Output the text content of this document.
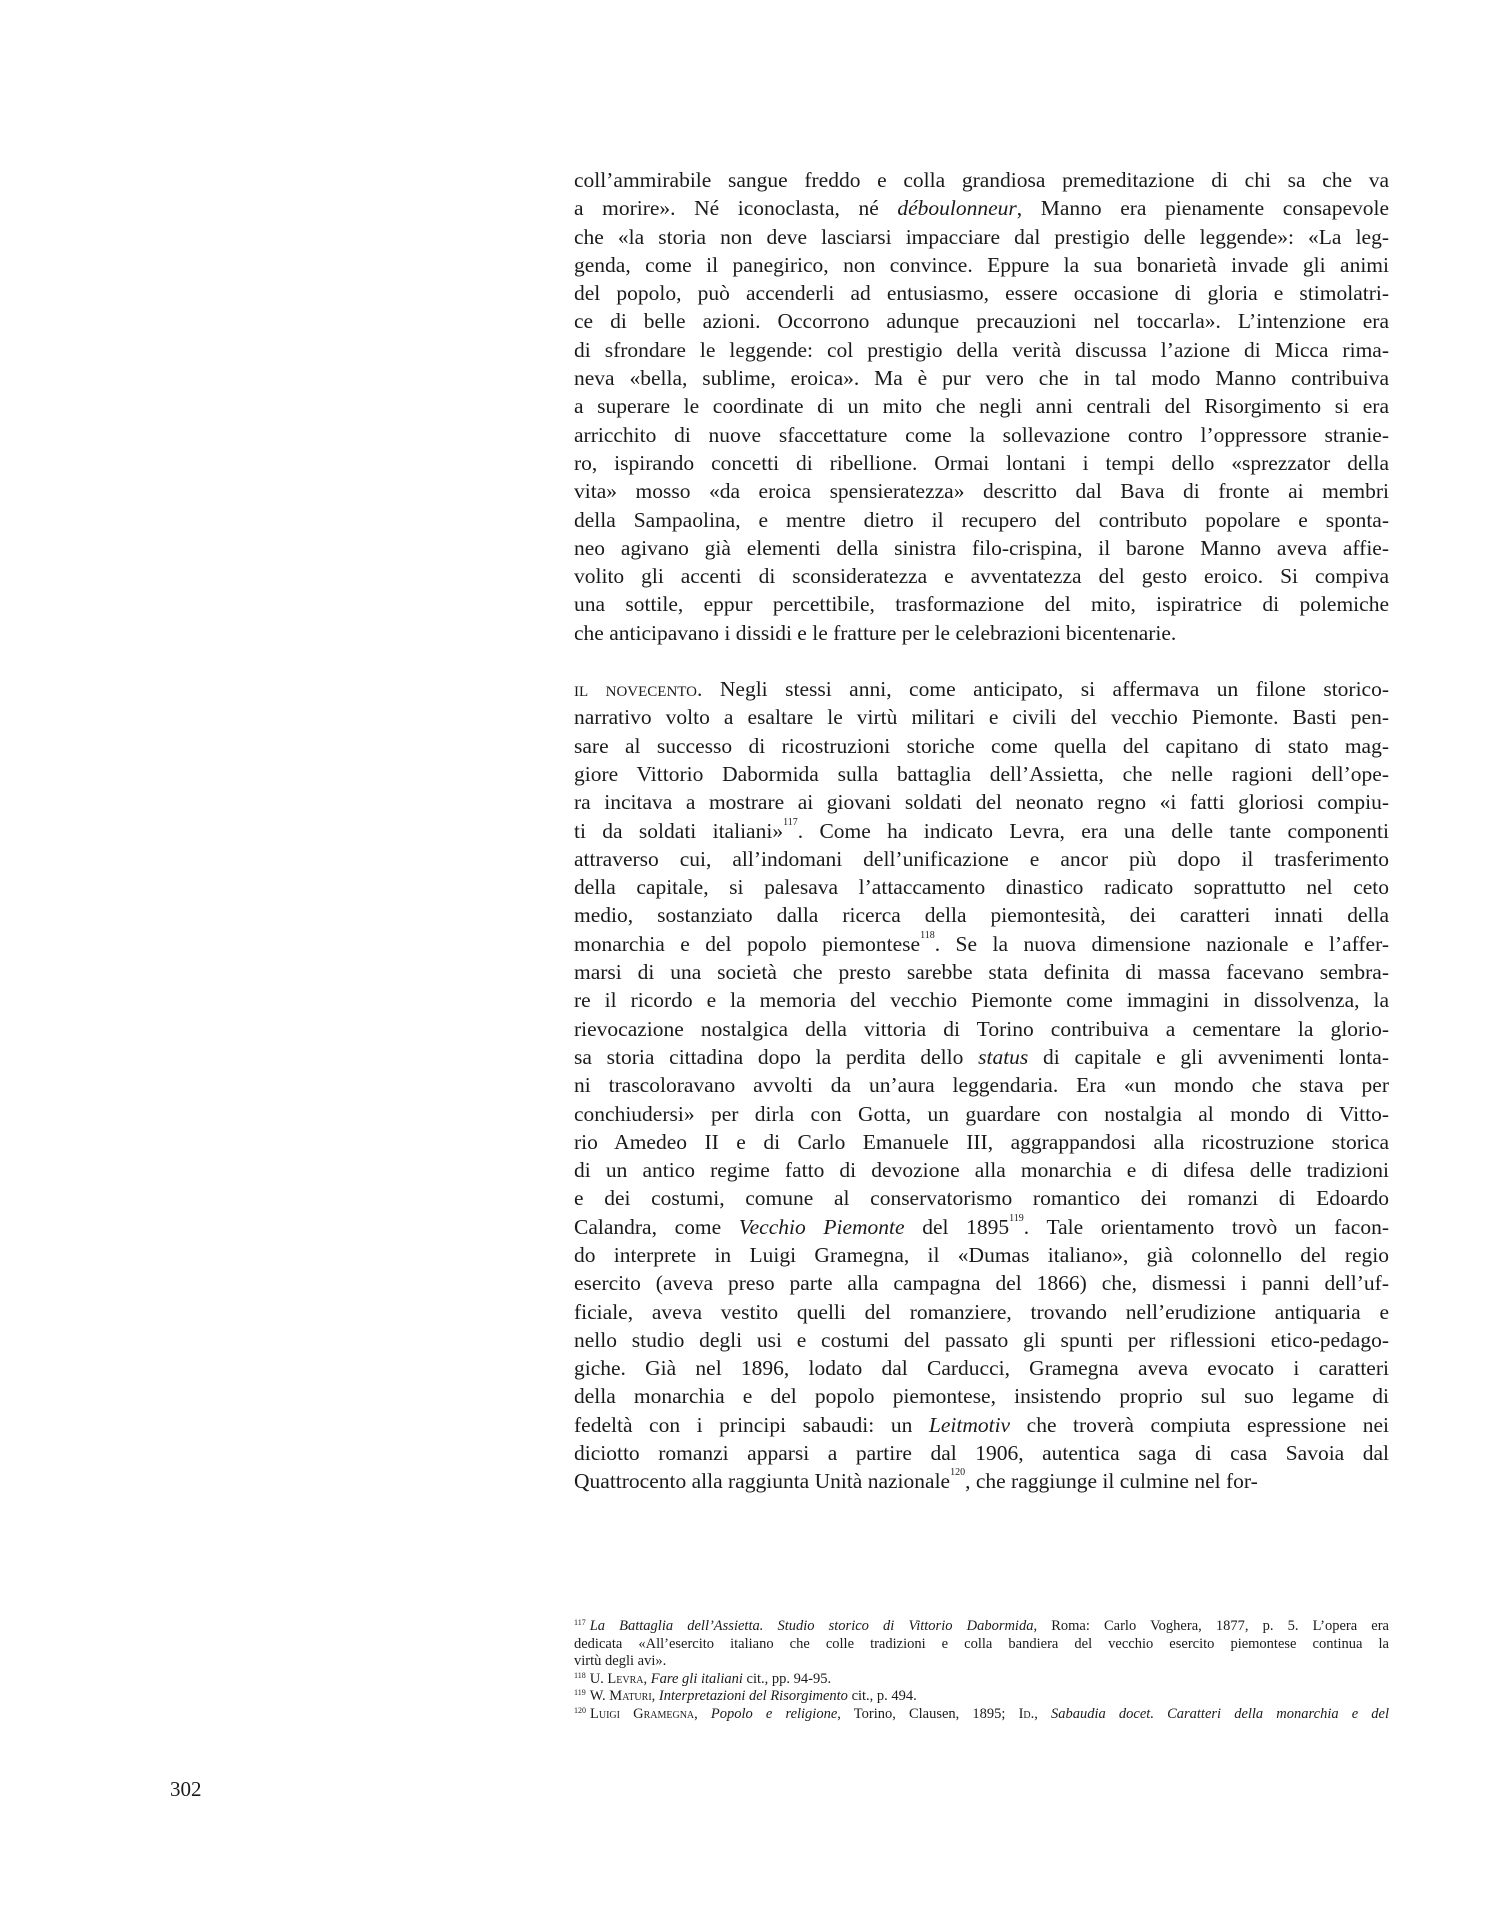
coll’ammirabile sangue freddo e colla grandiosa premeditazione di chi sa che va
a morire». Né iconoclasta, né déboulonneur, Manno era pienamente consapevole
che «la storia non deve lasciarsi impacciare dal prestigio delle leggende»: «La leg-
genda, come il panegirico, non convince. Eppure la sua bonarietà invade gli animi
del popolo, può accenderli ad entusiasmo, essere occasione di gloria e stimolatri-
ce di belle azioni. Occorrono adunque precauzioni nel toccarla». L’intenzione era
di sfrondare le leggende: col prestigio della verità discussa l’azione di Micca rima-
neva «bella, sublime, eroica». Ma è pur vero che in tal modo Manno contribuiva
a superare le coordinate di un mito che negli anni centrali del Risorgimento si era
arricchito di nuove sfaccettature come la sollevazione contro l’oppressore stranie-
ro, ispirando concetti di ribellione. Ormai lontani i tempi dello «sprezzator della
vita» mosso «da eroica spensieratezza» descritto dal Bava di fronte ai membri
della Sampaolina, e mentre dietro il recupero del contributo popolare e sponta-
neo agivano già elementi della sinistra filo-crispina, il barone Manno aveva affie-
volito gli accenti di sconsideratezza e avventatezza del gesto eroico. Si compiva
una sottile, eppur percettibile, trasformazione del mito, ispiratrice di polemiche
che anticipavano i dissidi e le fratture per le celebrazioni bicentenarie.
il novecento. Negli stessi anni, come anticipato, si affermava un filone storico-
narrativo volto a esaltare le virtù militari e civili del vecchio Piemonte. Basti pen-
sare al successo di ricostruzioni storiche come quella del capitano di stato mag-
giore Vittorio Dabormida sulla battaglia dell’Assietta, che nelle ragioni dell’ope-
ra incitava a mostrare ai giovani soldati del neonato regno «i fatti gloriosi compiu-
ti da soldati italiani»$^{117}$. Come ha indicato Levra, era una delle tante componenti
attraverso cui, all’indomani dell’unificazione e ancor più dopo il trasferimento
della capitale, si palesava l’attaccamento dinastico radicato soprattutto nel ceto
medio, sostanziato dalla ricerca della piemontesità, dei caratteri innati della
monarchia e del popolo piemontese$^{118}$. Se la nuova dimensione nazionale e l’affer-
marsi di una società che presto sarebbe stata definita di massa facevano sembra-
re il ricordo e la memoria del vecchio Piemonte come immagini in dissolvenza, la
rievocazione nostalgica della vittoria di Torino contribuiva a cementare la glorio-
sa storia cittadina dopo la perdita dello status di capitale e gli avvenimenti lonta-
ni trascoloravano avvolti da un’aura leggendaria. Era «un mondo che stava per
conchiudersi» per dirla con Gotta, un guardare con nostalgia al mondo di Vitto-
rio Amedeo II e di Carlo Emanuele III, aggrappandosi alla ricostruzione storica
di un antico regime fatto di devozione alla monarchia e di difesa delle tradizioni
e dei costumi, comune al conservatorismo romantico dei romanzi di Edoardo
Calandra, come Vecchio Piemonte del 1895$^{119}$. Tale orientamento trovò un facon-
do interprete in Luigi Gramegna, il «Dumas italiano», già colonnello del regio
esercito (aveva preso parte alla campagna del 1866) che, dismessi i panni dell’uf-
ficiale, aveva vestito quelli del romanziere, trovando nell’erudizione antiquaria e
nello studio degli usi e costumi del passato gli spunti per riflessioni etico-pedago-
giche. Già nel 1896, lodato dal Carducci, Gramegna aveva evocato i caratteri
della monarchia e del popolo piemontese, insistendo proprio sul suo legame di
fedeltà con i principi sabaudi: un Leitmotiv che troverà compiuta espressione nei
diciotto romanzi apparsi a partire dal 1906, autentica saga di casa Savoia dal
Quattrocento alla raggiunta Unità nazionale$^{120}$, che raggiunge il culmine nel for-
$^{117}$ La Battaglia dell’Assietta. Studio storico di Vittorio Dabormida, Roma: Carlo Voghera, 1877, p. 5. L’opera era
dedicata «All’esercito italiano che colle tradizioni e colla bandiera del vecchio esercito piemontese continua la
virtù degli avi».
$^{118}$ U. Levra, Fare gli italiani cit., pp. 94-95.
$^{119}$ W. Maturi, Interpretazioni del Risorgimento cit., p. 494.
$^{120}$ Luigi Gramegna, Popolo e religione, Torino, Clausen, 1895; Id., Sabaudia docet. Caratteri della monarchia e del
302
